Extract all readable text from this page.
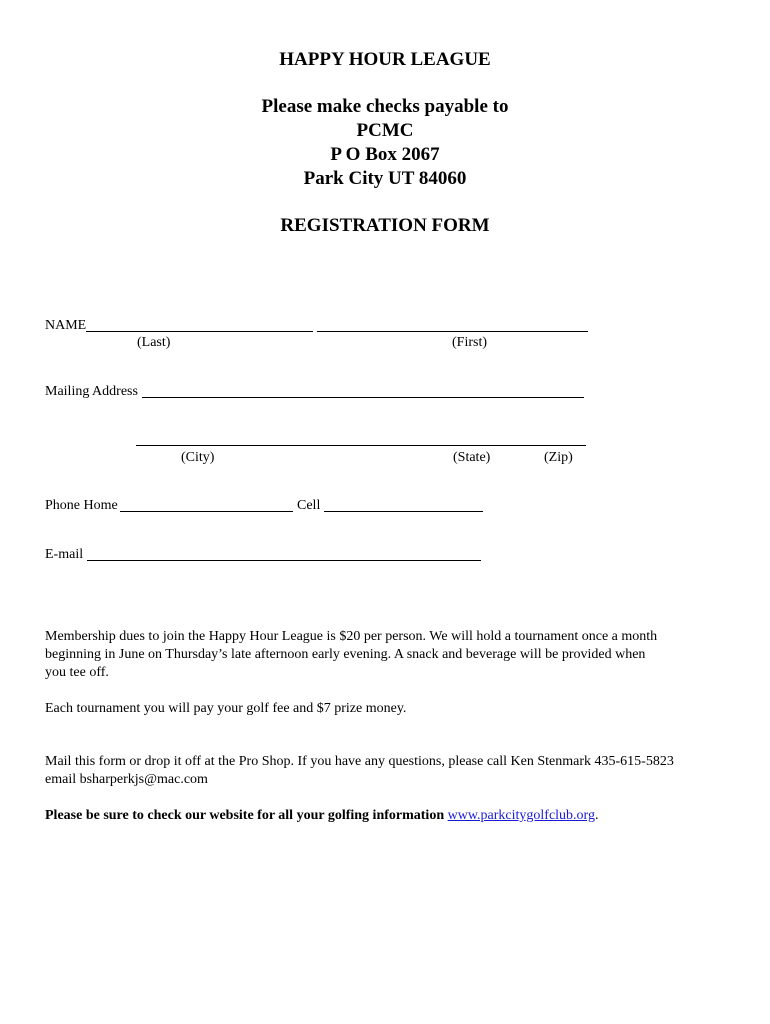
HAPPY HOUR LEAGUE
Please make checks payable to
PCMC
P O Box 2067
Park City UT 84060
REGISTRATION FORM
NAME
(Last)	(First)
Mailing Address
(City)	(State)	(Zip)
Phone Home	Cell
E-mail
Membership dues to join the Happy Hour League is $20 per person. We will hold a tournament once a month
beginning in June on Thursday’s late afternoon early evening. A snack and beverage will be provided when
you tee off.
Each tournament you will pay your golf fee and $7 prize money.
Mail this form or drop it off at the Pro Shop. If you have any questions, please call Ken Stenmark 435-615-5823
email bsharperkjs@mac.com
Please be sure to check our website for all your golfing information www.parkcitygolfclub.org.
